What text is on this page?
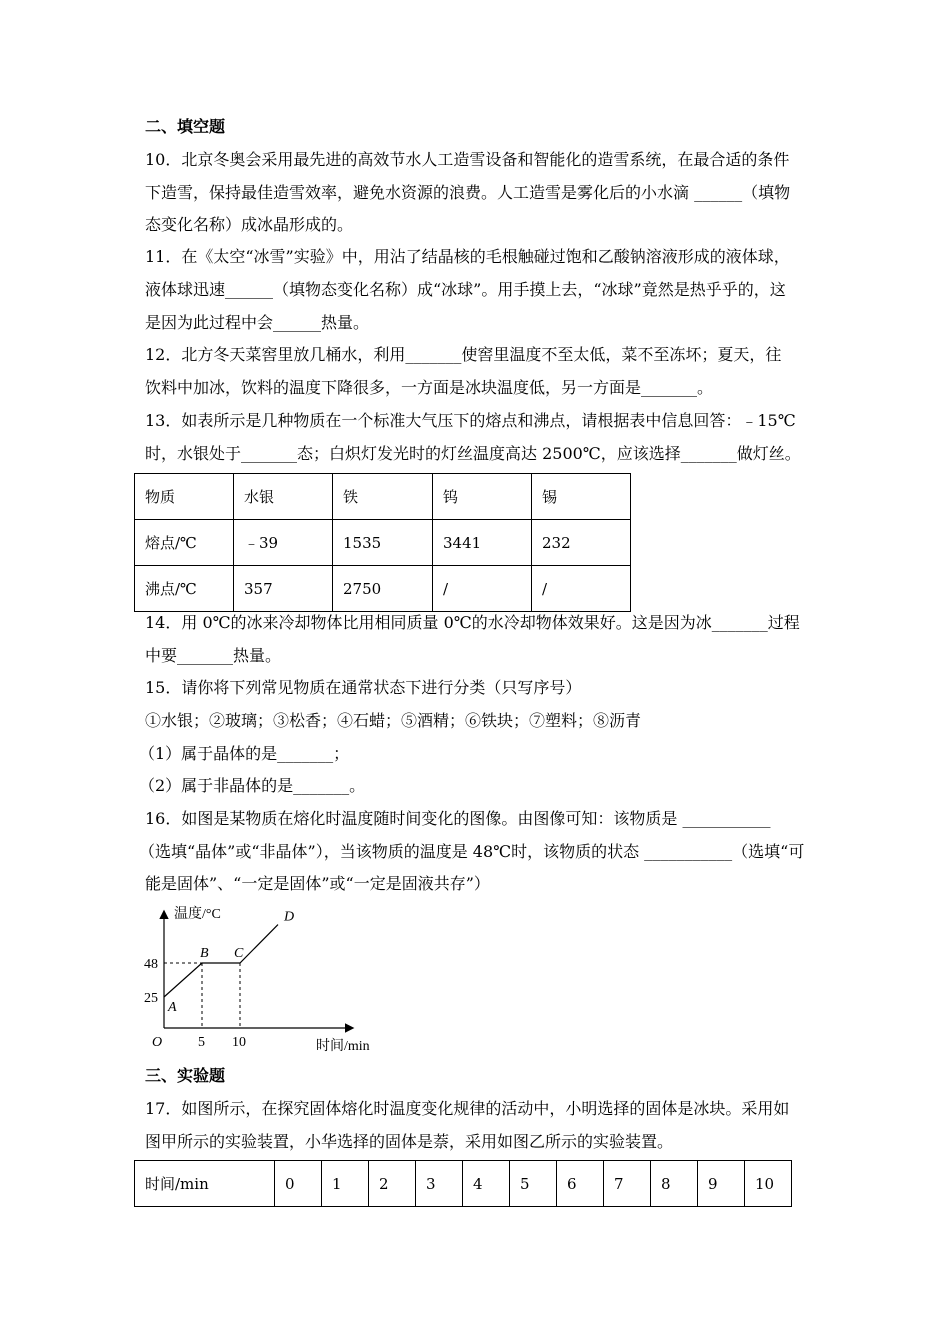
二、填空题
10．北京冬奥会采用最先进的高效节水人工造雪设备和智能化的造雪系统，在最合适的条件
下造雪，保持最佳造雪效率，避免水资源的浪费。人工造雪是雾化后的小水滴 ______（填物
态变化名称）成冰晶形成的。
11．在《太空“冰雪”实验》中，用沾了结晶核的毛根触碰过饱和乙酸钠溶液形成的液体球，
液体球迅速______（填物态变化名称）成“冰球”。用手摸上去，“冰球”竟然是热乎乎的，这
是因为此过程中会______热量。
12．北方冬天菜窖里放几桶水，利用_______使窖里温度不至太低，菜不至冻坏；夏天，往
饮料中加冰，饮料的温度下降很多，一方面是冰块温度低，另一方面是_______。
13．如表所示是几种物质在一个标准大气压下的熔点和沸点，请根据表中信息回答：﹣15℃
时，水银处于_______态；白炽灯发光时的灯丝温度高达 2500℃，应该选择_______做灯丝。
物质	水银	铁	钨	锡
熔点/℃	﹣39	1535	3441	232
沸点/℃	357	2750	/	/
14．用 0℃的冰来冷却物体比用相同质量 0℃的水冷却物体效果好。这是因为冰_______过程
中要_______热量。
15．请你将下列常见物质在通常状态下进行分类（只写序号）
①水银；②玻璃；③松香；④石蜡；⑤酒精；⑥铁块；⑦塑料；⑧沥青
（1）属于晶体的是_______；
（2）属于非晶体的是_______。
16．如图是某物质在熔化时温度随时间变化的图像。由图像可知：该物质是 ___________
（选填“晶体”或“非晶体”），当该物质的温度是 48℃时，该物质的状态 ___________（选填“可
能是固体”、“一定是固体”或“一定是固液共存”）
温度/°C
时间/min
O	5 10
25
48
A
B C
D
三、实验题
17．如图所示，在探究固体熔化时温度变化规律的活动中，小明选择的固体是冰块。采用如
图甲所示的实验装置，小华选择的固体是萘，采用如图乙所示的实验装置。
时间/min	0	1	2	3	4	5	6	7	8	9	10
